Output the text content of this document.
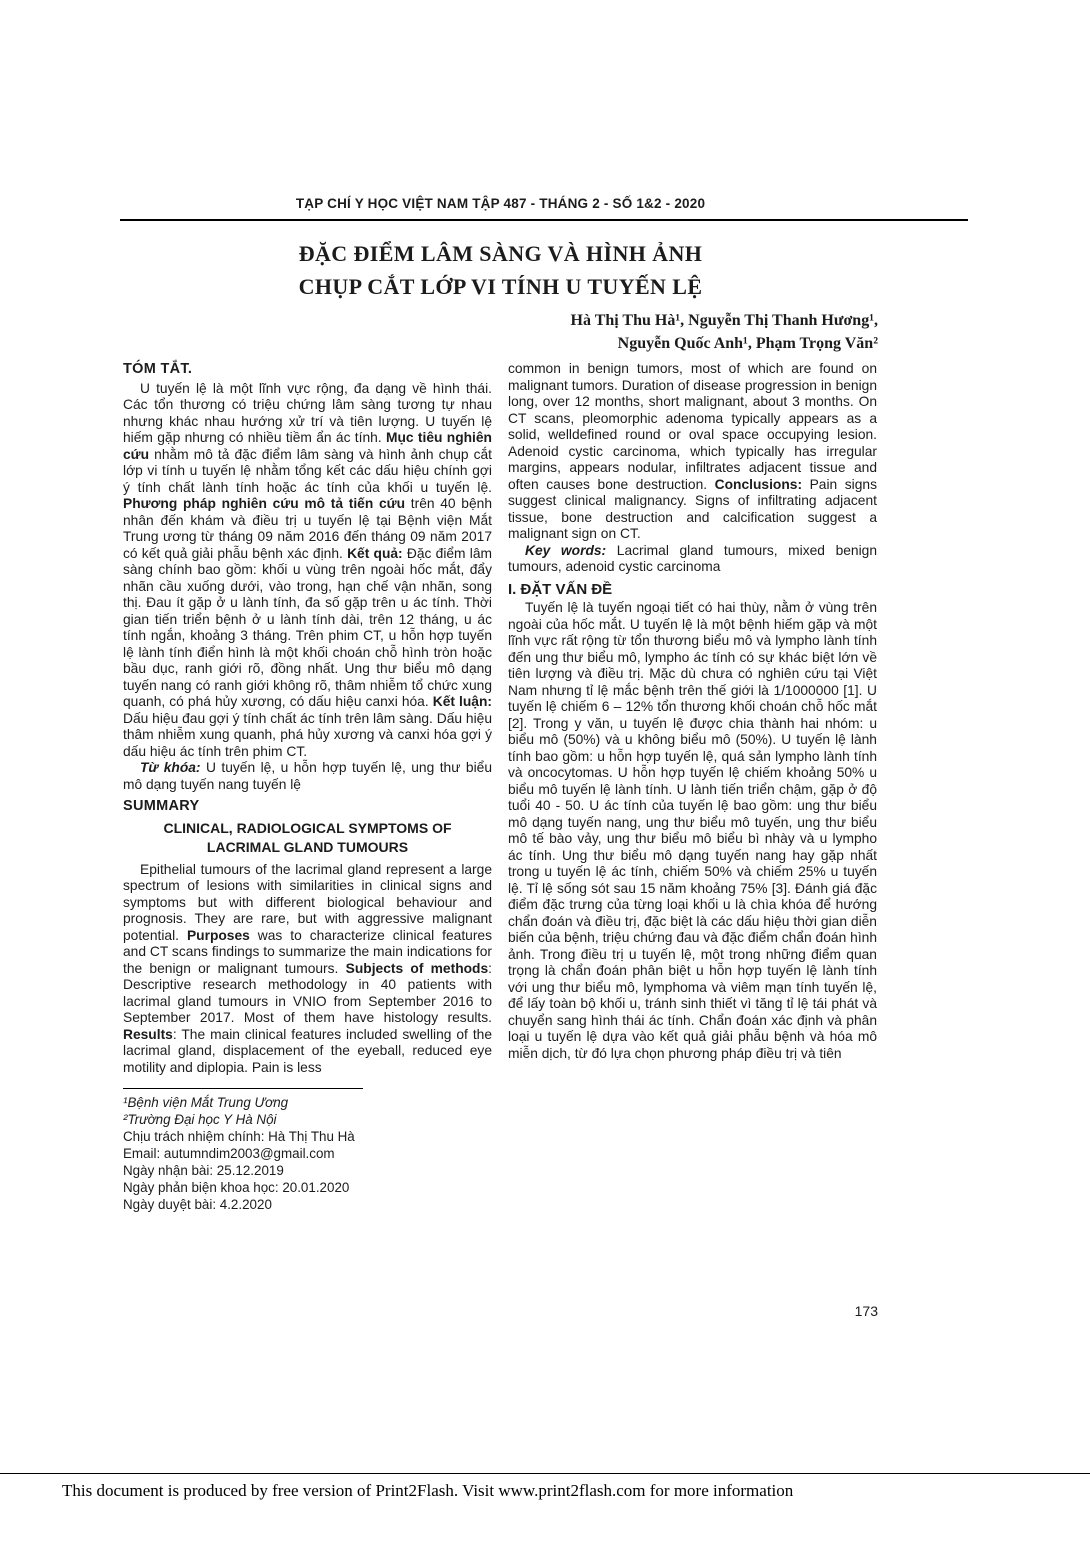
TẠP CHÍ Y HỌC VIỆT NAM TẬP 487 - THÁNG 2 - SỐ 1&2 - 2020
ĐẶC ĐIỂM LÂM SÀNG VÀ HÌNH ẢNH
CHỤP CẮT LỚP VI TÍNH U TUYẾN LỆ
Hà Thị Thu Hà¹, Nguyễn Thị Thanh Hương¹,
Nguyễn Quốc Anh¹, Phạm Trọng Văn²
TÓM TẮT.

U tuyến lệ là một lĩnh vực rộng, đa dạng về hình thái. Các tổn thương có triệu chứng lâm sàng tương tự nhau nhưng khác nhau hướng xử trí và tiên lượng. U tuyến lệ hiếm gặp nhưng có nhiều tiềm ẩn ác tính. Mục tiêu nghiên cứu nhằm mô tả đặc điểm lâm sàng và hình ảnh chụp cắt lớp vi tính u tuyến lệ nhằm tổng kết các dấu hiệu chính gợi ý tính chất lành tính hoặc ác tính của khối u tuyến lệ. Phương pháp nghiên cứu mô tả tiến cứu trên 40 bệnh nhân đến khám và điều trị u tuyến lệ tại Bệnh viện Mắt Trung ương từ tháng 09 năm 2016 đến tháng 09 năm 2017 có kết quả giải phẫu bệnh xác định. Kết quả: Đặc điểm lâm sàng chính bao gồm: khối u vùng trên ngoài hốc mắt, đẩy nhãn cầu xuống dưới, vào trong, hạn chế vận nhãn, song thị. Đau ít gặp ở u lành tính, đa số gặp trên u ác tính. Thời gian tiến triển bệnh ở u lành tính dài, trên 12 tháng, u ác tính ngắn, khoảng 3 tháng. Trên phim CT, u hỗn hợp tuyến lệ lành tính điển hình là một khối choán chỗ hình tròn hoặc bầu dục, ranh giới rõ, đồng nhất. Ung thư biểu mô dạng tuyến nang có ranh giới không rõ, thâm nhiễm tổ chức xung quanh, có phá hủy xương, có dấu hiệu canxi hóa. Kết luận: Dấu hiệu đau gợi ý tính chất ác tính trên lâm sàng. Dấu hiệu thâm nhiễm xung quanh, phá hủy xương và canxi hóa gợi ý dấu hiệu ác tính trên phim CT.

Từ khóa: U tuyến lệ, u hỗn hợp tuyến lệ, ung thư biểu mô dạng tuyến nang tuyến lệ

SUMMARY
CLINICAL, RADIOLOGICAL SYMPTOMS OF
LACRIMAL GLAND TUMOURS

Epithelial tumours of the lacrimal gland represent a large spectrum of lesions with similarities in clinical signs and symptoms but with different biological behaviour and prognosis. They are rare, but with aggressive malignant potential. Purposes was to characterize clinical features and CT scans findings to summarize the main indications for the benign or malignant tumours. Subjects of methods: Descriptive research methodology in 40 patients with lacrimal gland tumours in VNIO from September 2016 to September 2017. Most of them have histology results. Results: The main clinical features included swelling of the lacrimal gland, displacement of the eyeball, reduced eye motility and diplopia. Pain is less

¹Bệnh viện Mắt Trung Ương
²Trường Đại học Y Hà Nội
Chịu trách nhiệm chính: Hà Thị Thu Hà
Email: autumndim2003@gmail.com
Ngày nhận bài: 25.12.2019
Ngày phản biện khoa học: 20.01.2020
Ngày duyệt bài: 4.2.2020

common in benign tumors, most of which are found on malignant tumors. Duration of disease progression in benign long, over 12 months, short malignant, about 3 months. On CT scans, pleomorphic adenoma typically appears as a solid, welldefined round or oval space occupying lesion. Adenoid cystic carcinoma, which typically has irregular margins, appears nodular, infiltrates adjacent tissue and often causes bone destruction. Conclusions: Pain signs suggest clinical malignancy. Signs of infiltrating adjacent tissue, bone destruction and calcification suggest a malignant sign on CT.

Key words: Lacrimal gland tumours, mixed benign tumours, adenoid cystic carcinoma

I. ĐẶT VẤN ĐỀ

Tuyến lệ là tuyến ngoại tiết có hai thùy, nằm ở vùng trên ngoài của hốc mắt. U tuyến lệ là một bệnh hiếm gặp và một lĩnh vực rất rộng từ tổn thương biểu mô và lympho lành tính đến ung thư biểu mô, lympho ác tính có sự khác biệt lớn về tiên lượng và điều trị. Mặc dù chưa có nghiên cứu tại Việt Nam nhưng tỉ lệ mắc bệnh trên thế giới là 1/1000000 [1]. U tuyến lệ chiếm 6 – 12% tổn thương khối choán chỗ hốc mắt [2]. Trong y văn, u tuyến lệ được chia thành hai nhóm: u biểu mô (50%) và u không biểu mô (50%). U tuyến lệ lành tính bao gồm: u hỗn hợp tuyến lệ, quá sản lympho lành tính và oncocytomas. U hỗn hợp tuyến lệ chiếm khoảng 50% u biểu mô tuyến lệ lành tính. U lành tiến triển chậm, gặp ở độ tuổi 40 - 50. U ác tính của tuyến lệ bao gồm: ung thư biểu mô dạng tuyến nang, ung thư biểu mô tuyến, ung thư biểu mô tế bào vảy, ung thư biểu mô biểu bì nhày và u lympho ác tính. Ung thư biểu mô dạng tuyến nang hay gặp nhất trong u tuyến lệ ác tính, chiếm 50% và chiếm 25% u tuyến lệ. Tỉ lệ sống sót sau 15 năm khoảng 75% [3]. Đánh giá đặc điểm đặc trưng của từng loại khối u là chìa khóa để hướng chẩn đoán và điều trị, đặc biệt là các dấu hiệu thời gian diễn biến của bệnh, triệu chứng đau và đặc điểm chẩn đoán hình ảnh. Trong điều trị u tuyến lệ, một trong những điểm quan trọng là chẩn đoán phân biệt u hỗn hợp tuyến lệ lành tính với ung thư biểu mô, lymphoma và viêm mạn tính tuyến lệ, để lấy toàn bộ khối u, tránh sinh thiết vì tăng tỉ lệ tái phát và chuyển sang hình thái ác tính. Chẩn đoán xác định và phân loại u tuyến lệ dựa vào kết quả giải phẫu bệnh và hóa mô miễn dịch, từ đó lựa chọn phương pháp điều trị và tiên

173
This document is produced by free version of Print2Flash. Visit www.print2flash.com for more information
